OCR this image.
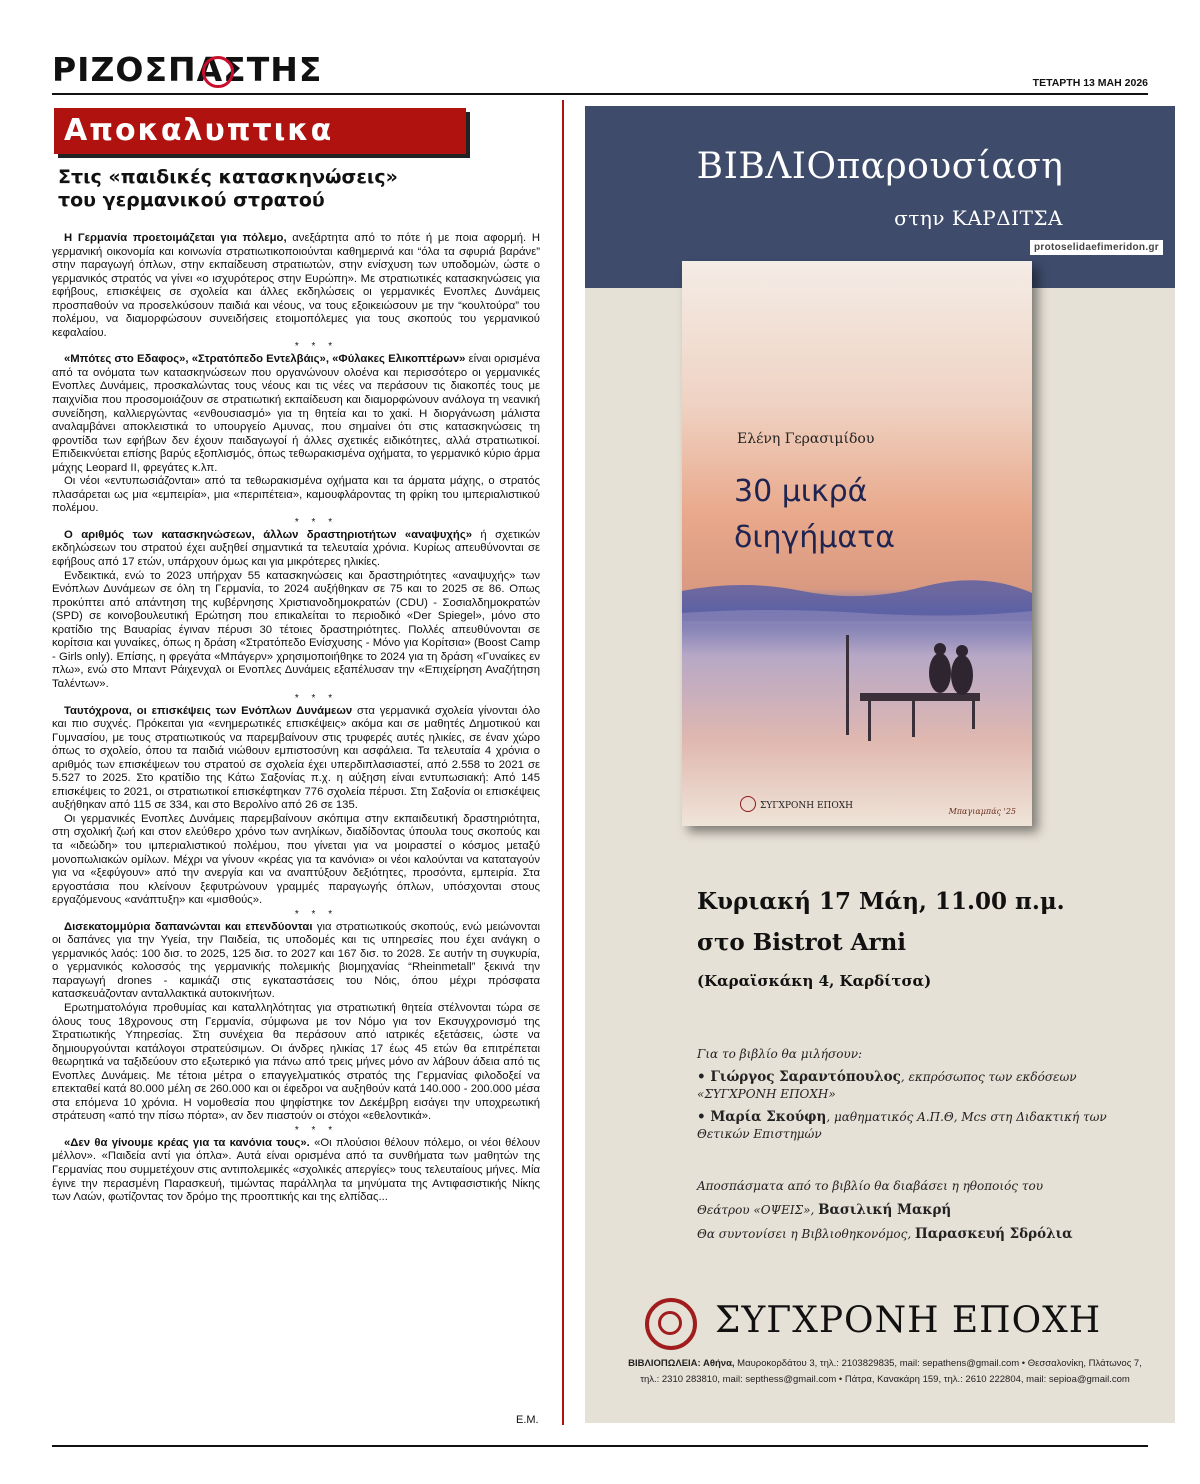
ΡΙΖΟΣΠΑΣΤΗΣ	ΤΕΤΑΡΤΗ 13 ΜΑΗ 2026
Αποκαλυπτικα
Στις «παιδικές κατασκηνώσεις»
του γερμανικού στρατού

Η Γερμανία προετοιμάζεται για πόλεμο, ανεξάρτητα από το πότε ή με ποια αφορμή. Η γερμανική οικονομία και κοινωνία στρατιωτικοποιούνται καθημερινά και “όλα τα σφυριά βαράνε” στην παραγωγή όπλων, στην εκπαίδευση στρατιωτών, στην ενίσχυση των υποδομών, ώστε ο γερμανικός στρατός να γίνει «ο ισχυρότερος στην Ευρώπη». Με στρατιωτικές κατασκηνώσεις για εφήβους, επισκέψεις σε σχολεία και άλλες εκδηλώσεις οι γερμανικές Ενοπλες Δυνάμεις προσπαθούν να προσελκύσουν παιδιά και νέους, να τους εξοικειώσουν με την “κουλτούρα” του πολέμου, να διαμορφώσουν συνειδήσεις ετοιμοπόλεμες για τους σκοπούς του γερμανικού κεφαλαίου.

* * *

«Μπότες στο Εδαφος», «Στρατόπεδο Εντελβάις», «Φύλακες Ελικοπτέρων» είναι ορισμένα από τα ονόματα των κατασκηνώσεων που οργανώνουν ολοένα και περισσότερο οι γερμανικές Ενοπλες Δυνάμεις, προσκαλώντας τους νέους και τις νέες να περάσουν τις διακοπές τους με παιχνίδια που προσομοιάζουν σε στρατιωτική εκπαίδευση και διαμορφώνουν ανάλογα τη νεανική συνείδηση, καλλιεργώντας «ενθουσιασμό» για τη θητεία και το χακί. Η διοργάνωση μάλιστα αναλαμβάνει αποκλειστικά το υπουργείο Αμυνας, που σημαίνει ότι στις κατασκηνώσεις τη φροντίδα των εφήβων δεν έχουν παιδαγωγοί ή άλλες σχετικές ειδικότητες, αλλά στρατιωτικοί. Επιδεικνύεται επίσης βαρύς εξοπλισμός, όπως τεθωρακισμένα οχήματα, το γερμανικό κύριο άρμα μάχης Leopard II, φρεγάτες κ.λπ.

Οι νέοι «εντυπωσιάζονται» από τα τεθωρακισμένα οχήματα και τα άρματα μάχης, ο στρατός πλασάρεται ως μια «εμπειρία», μια «περιπέτεια», καμουφλάροντας τη φρίκη του ιμπεριαλιστικού πολέμου.

* * *

Ο αριθμός των κατασκηνώσεων, άλλων δραστηριοτήτων «αναψυχής» ή σχετικών εκδηλώσεων του στρατού έχει αυξηθεί σημαντικά τα τελευταία χρόνια. Κυρίως απευθύνονται σε εφήβους από 17 ετών, υπάρχουν όμως και για μικρότερες ηλικίες.

Ενδεικτικά, ενώ το 2023 υπήρχαν 55 κατασκηνώσεις και δραστηριότητες «αναψυχής» των Ενόπλων Δυνάμεων σε όλη τη Γερμανία, το 2024 αυξήθηκαν σε 75 και το 2025 σε 86. Οπως προκύπτει από απάντηση της κυβέρνησης Χριστιανοδημοκρατών (CDU) - Σοσιαλδημοκρατών (SPD) σε κοινοβουλευτική Ερώτηση που επικαλείται το περιοδικό «Der Spiegel», μόνο στο κρατίδιο της Βαυαρίας έγιναν πέρυσι 30 τέτοιες δραστηριότητες. Πολλές απευθύνονται σε κορίτσια και γυναίκες, όπως η δράση «Στρατόπεδο Ενίσχυσης - Μόνο για Κορίτσια» (Boost Camp - Girls only). Επίσης, η φρεγάτα «Μπάγερν» χρησιμοποιήθηκε το 2024 για τη δράση «Γυναίκες εν πλω», ενώ στο Μπαντ Ράιχενχαλ οι Ενοπλες Δυνάμεις εξαπέλυσαν την «Επιχείρηση Αναζήτηση Ταλέντων».

* * *

Ταυτόχρονα, οι επισκέψεις των Ενόπλων Δυνάμεων στα γερμανικά σχολεία γίνονται όλο και πιο συχνές. Πρόκειται για «ενημερωτικές επισκέψεις» ακόμα και σε μαθητές Δημοτικού και Γυμνασίου, με τους στρατιωτικούς να παρεμβαίνουν στις τρυφερές αυτές ηλικίες, σε έναν χώρο όπως το σχολείο, όπου τα παιδιά νιώθουν εμπιστοσύνη και ασφάλεια. Τα τελευταία 4 χρόνια ο αριθμός των επισκέψεων του στρατού σε σχολεία έχει υπερδιπλασιαστεί, από 2.558 το 2021 σε 5.527 το 2025. Στο κρατίδιο της Κάτω Σαξονίας π.χ. η αύξηση είναι εντυπωσιακή: Από 145 επισκέψεις το 2021, οι στρατιωτικοί επισκέφτηκαν 776 σχολεία πέρυσι. Στη Σαξονία οι επισκέψεις αυξήθηκαν από 115 σε 334, και στο Βερολίνο από 26 σε 135.

Οι γερμανικές Ενοπλες Δυνάμεις παρεμβαίνουν σκόπιμα στην εκπαιδευτική δραστηριότητα, στη σχολική ζωή και στον ελεύθερο χρόνο των ανηλίκων, διαδίδοντας ύπουλα τους σκοπούς και τα «ιδεώδη» του ιμπεριαλιστικού πολέμου, που γίνεται για να μοιραστεί ο κόσμος μεταξύ μονοπωλιακών ομίλων. Μέχρι να γίνουν «κρέας για τα κανόνια» οι νέοι καλούνται να καταταγούν για να «ξεφύγουν» από την ανεργία και να αναπτύξουν δεξιότητες, προσόντα, εμπειρία. Στα εργοστάσια που κλείνουν ξεφυτρώνουν γραμμές παραγωγής όπλων, υπόσχονται στους εργαζόμενους «ανάπτυξη» και «μισθούς».

* * *

Δισεκατομμύρια δαπανώνται και επενδύονται για στρατιωτικούς σκοπούς, ενώ μειώνονται οι δαπάνες για την Υγεία, την Παιδεία, τις υποδομές και τις υπηρεσίες που έχει ανάγκη ο γερμανικός λαός: 100 δισ. το 2025, 125 δισ. το 2027 και 167 δισ. το 2028. Σε αυτήν τη συγκυρία, ο γερμανικός κολοσσός της γερμανικής πολεμικής βιομηχανίας “Rheinmetall” ξεκινά την παραγωγή drones - καμικάζι στις εγκαταστάσεις του Νόις, όπου μέχρι πρόσφατα κατασκευάζονταν ανταλλακτικά αυτοκινήτων.

Ερωτηματολόγια προθυμίας και καταλληλότητας για στρατιωτική θητεία στέλνονται τώρα σε όλους τους 18χρονους στη Γερμανία, σύμφωνα με τον Νόμο για τον Εκσυγχρονισμό της Στρατιωτικής Υπηρεσίας. Στη συνέχεια θα περάσουν από ιατρικές εξετάσεις, ώστε να δημιουργούνται κατάλογοι στρατεύσιμων. Οι άνδρες ηλικίας 17 έως 45 ετών θα επιτρέπεται θεωρητικά να ταξιδεύουν στο εξωτερικό για πάνω από τρεις μήνες μόνο αν λάβουν άδεια από τις Ενοπλες Δυνάμεις. Με τέτοια μέτρα ο επαγγελματικός στρατός της Γερμανίας φιλοδοξεί να επεκταθεί κατά 80.000 μέλη σε 260.000 και οι έφεδροι να αυξηθούν κατά 140.000 - 200.000 μέσα στα επόμενα 10 χρόνια. Η νομοθεσία που ψηφίστηκε τον Δεκέμβρη εισάγει την υποχρεωτική στράτευση «από την πίσω πόρτα», αν δεν πιαστούν οι στόχοι «εθελοντικά».

* * *

«Δεν θα γίνουμε κρέας για τα κανόνια τους». «Οι πλούσιοι θέλουν πόλεμο, οι νέοι θέλουν μέλλον». «Παιδεία αντί για όπλα». Αυτά είναι ορισμένα από τα συνθήματα των μαθητών της Γερμανίας που συμμετέχουν στις αντιπολεμικές «σχολικές απεργίες» τους τελευταίους μήνες. Μία έγινε την περασμένη Παρασκευή, τιμώντας παράλληλα τα μηνύματα της Αντιφασιστικής Νίκης των Λαών, φωτίζοντας τον δρόμο της προοπτικής και της ελπίδας...

Ε.Μ.
ΒΙΒΛΙΟπαρουσίαση
στην ΚΑΡΔΙΤΣΑ
protoselidaefimeridon.gr
Ελένη Γερασιμίδου
30 μικρά
διηγήματα
ΣΥΓΧΡΟΝΗ ΕΠΟΧΗ
Μπαγιαμπάς '25
Κυριακή 17 Μάη, 11.00 π.μ.
στο Bistrot Arni
(Καραϊσκάκη 4, Καρδίτσα)

Για το βιβλίο θα μιλήσουν:

• Γιώργος Σαραντόπουλος, εκπρόσωπος των εκδόσεων «ΣΥΓΧΡΟΝΗ ΕΠΟΧΗ»

• Μαρία Σκούφη, μαθηματικός Α.Π.Θ, Mcs στη Διδακτική των Θετικών Επιστημών

Αποσπάσματα από το βιβλίο θα διαβάσει η ηθοποιός του
Θεάτρου «ΟΨΕΙΣ», Βασιλική Μακρή
Θα συντονίσει η Βιβλιοθηκονόμος, Παρασκευή Σδρόλια
ΣΥΓΧΡΟΝΗ ΕΠΟΧΗ
ΒΙΒΛΙΟΠΩΛΕΙΑ: Αθήνα, Μαυροκορδάτου 3, τηλ.: 2103829835, mail: sepathens@gmail.com • Θεσσαλονίκη, Πλάτωνος 7,
τηλ.: 2310 283810, mail: septhess@gmail.com • Πάτρα, Κανακάρη 159, τηλ.: 2610 222804, mail: sepioa@gmail.com
